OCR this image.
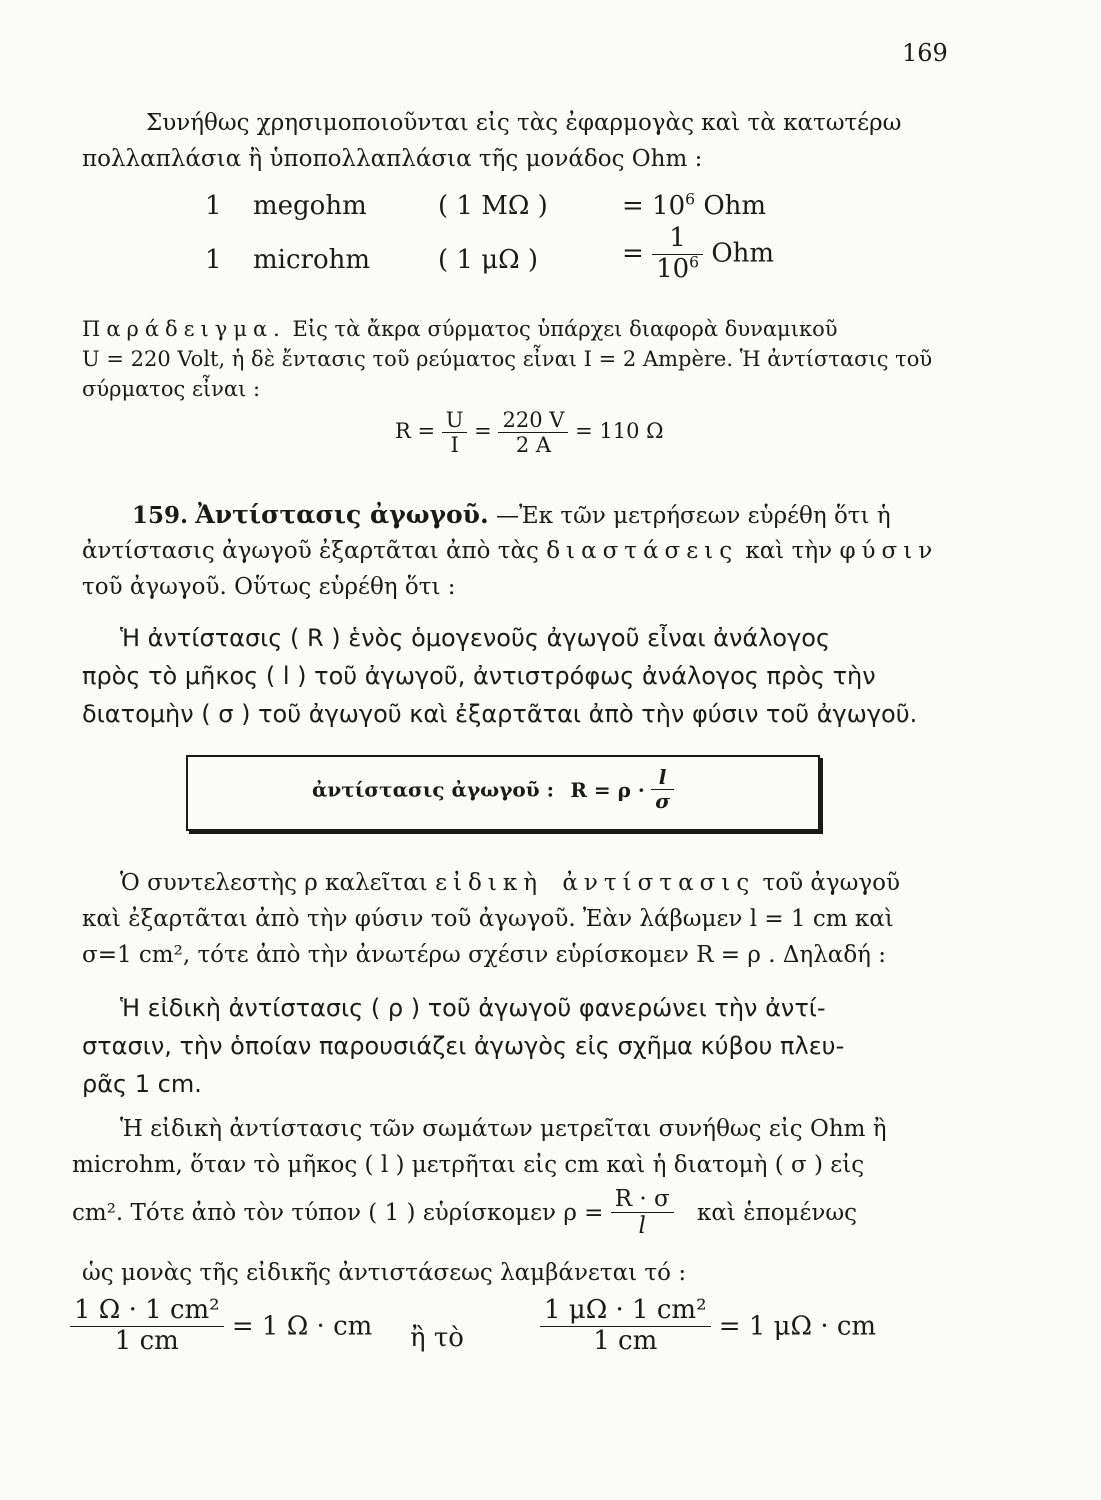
169
Συνήθως χρησιμοποιοῦνται εἰς τὰς ἐφαρμογὰς καὶ τὰ κατωτέρω
πολλαπλάσια ἢ ὑποπολλαπλάσια τῆς μονάδος Ohm :
1 megohm	( 1 MΩ )	= $10^6$ Ohm
1 microhm	( 1 μΩ )	= $\frac{1}{10^6}$ Ohm
Παράδειγμα. Εἰς τὰ ἄκρα σύρματος ὑπάρχει διαφορὰ δυναμικοῦ
U = 220 Volt, ἡ δὲ ἔντασις τοῦ ρεύματος εἶναι I = 2 Ampère. Ἡ ἀντίστασις τοῦ
σύρματος εἶναι :
$R = \frac{U}{I} = \frac{220 V}{2 A} = 110$ Ω
159. Ἀντίστασις ἀγωγοῦ. —Ἐκ τῶν μετρήσεων εὑρέθη ὅτι ἡ
ἀντίστασις ἀγωγοῦ ἐξαρτᾶται ἀπὸ τὰς διαστάσεις καὶ τὴν φύσιν
τοῦ ἀγωγοῦ. Οὕτως εὑρέθη ὅτι :
Ἡ ἀντίστασις ( R ) ἑνὸς ὁμογενοῦς ἀγωγοῦ εἶναι ἀνάλογος
πρὸς τὸ μῆκος ( l ) τοῦ ἀγωγοῦ, ἀντιστρόφως ἀνάλογος πρὸς τὴν
διατομὴν ( σ ) τοῦ ἀγωγοῦ καὶ ἐξαρτᾶται ἀπὸ τὴν φύσιν τοῦ ἀγωγοῦ.
ἀντίστασις ἀγωγοῦ : $R = \rho \cdot \frac{l}{\sigma}$
Ὁ συντελεστὴς ρ καλεῖται εἰδικὴ ἀντίστασις τοῦ ἀγωγοῦ
καὶ ἐξαρτᾶται ἀπὸ τὴν φύσιν τοῦ ἀγωγοῦ. Ἐὰν λάβωμεν l = 1 cm καὶ
σ=1 cm², τότε ἀπὸ τὴν ἀνωτέρω σχέσιν εὑρίσκομεν R = ρ . Δηλαδή :
Ἡ εἰδικὴ ἀντίστασις ( ρ ) τοῦ ἀγωγοῦ φανερώνει τὴν ἀντί-
στασιν, τὴν ὁποίαν παρουσιάζει ἀγωγὸς εἰς σχῆμα κύβου πλευ-
ρᾶς 1 cm.
Ἡ εἰδικὴ ἀντίστασις τῶν σωμάτων μετρεῖται συνήθως εἰς Ohm ἢ
microhm, ὅταν τὸ μῆκος ( l ) μετρῆται εἰς cm καὶ ἡ διατομὴ ( σ ) εἰς
cm². Τότε ἀπὸ τὸν τύπον ( 1 ) εὑρίσκομεν $\rho = \frac{R \cdot \sigma}{l}$ καὶ ἑπομένως
ὡς μονὰς τῆς εἰδικῆς ἀντιστάσεως λαμβάνεται τό :
$\frac{\text{1 Ω · 1 cm²}}{1 cm} = 1$ Ω · cm ἢ τὸ	$\frac{\text{1 μΩ · 1 cm²}}{1 cm} = 1$ μΩ · cm
